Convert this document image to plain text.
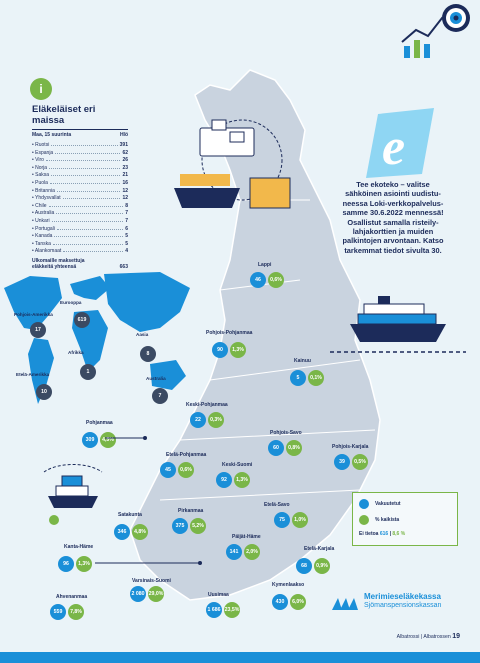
e
i
Eläkeläiset eri maissa
Maa, 15 suurinta	Hlö
• Ruotsi	391
• Espanja	62
• Viro	26
• Norja	23
• Saksa	21
• Puola	16
• Britannia	12
• Yhdysvallat	12
• Chile	8
• Australia	7
• Unkari	7
• Portugali	6
• Kanada	5
• Tanska	5
• Alankomaat	4
Ulkomaille maksettuja
eläkkeitä yhteensä	663
Pohjois-Amerikka
17
Eurooppa
619
Aasia
8
Afrikka
1
Etelä-Amerikka
10
Australia
7
Tee ekoteko – valitse
sähköinen asiointi uudistu-
neessa Loki-verkkopalvelus-
samme 30.6.2022 mennessä!
Osallistut samalla risteily-
lahjakorttien ja muiden
palkintojen arvontaan. Katso
tarkemmat tiedot sivulta 30.
Lappi
46	0,6%
Pohjois-Pohjanmaa
90	1,3%
Kainuu
5	0,1%
Pohjanmaa
309	4,5%
Keski-Pohjanmaa
22	0,3%
Pohjois-Savo
60	0,8%	Pohjois-Karjala
39	0,5%
Etelä-Pohjanmaa
45	0,6%
Keski-Suomi
92	1,3%
Satakunta
346	4,8%
Pirkanmaa
375	5,2%
Etelä-Savo
75	1,0%
Päijät-Häme
141	2,0%
Kanta-Häme
96	1,3%
Etelä-Karjala
68	0,9%
Varsinais-Suomi
2 080 29,0%	Uusimaa
1 686 23,5%
Kymenlaakso
430	6,0%
Ahvenanmaa
559	7,8%
Vakuutetut
% kaikista
Ei tietoa 616 | 8,6 %
Merimieseläkekassa
Sjömanspensionskassan
Albatrossi | Albatrossen 19
